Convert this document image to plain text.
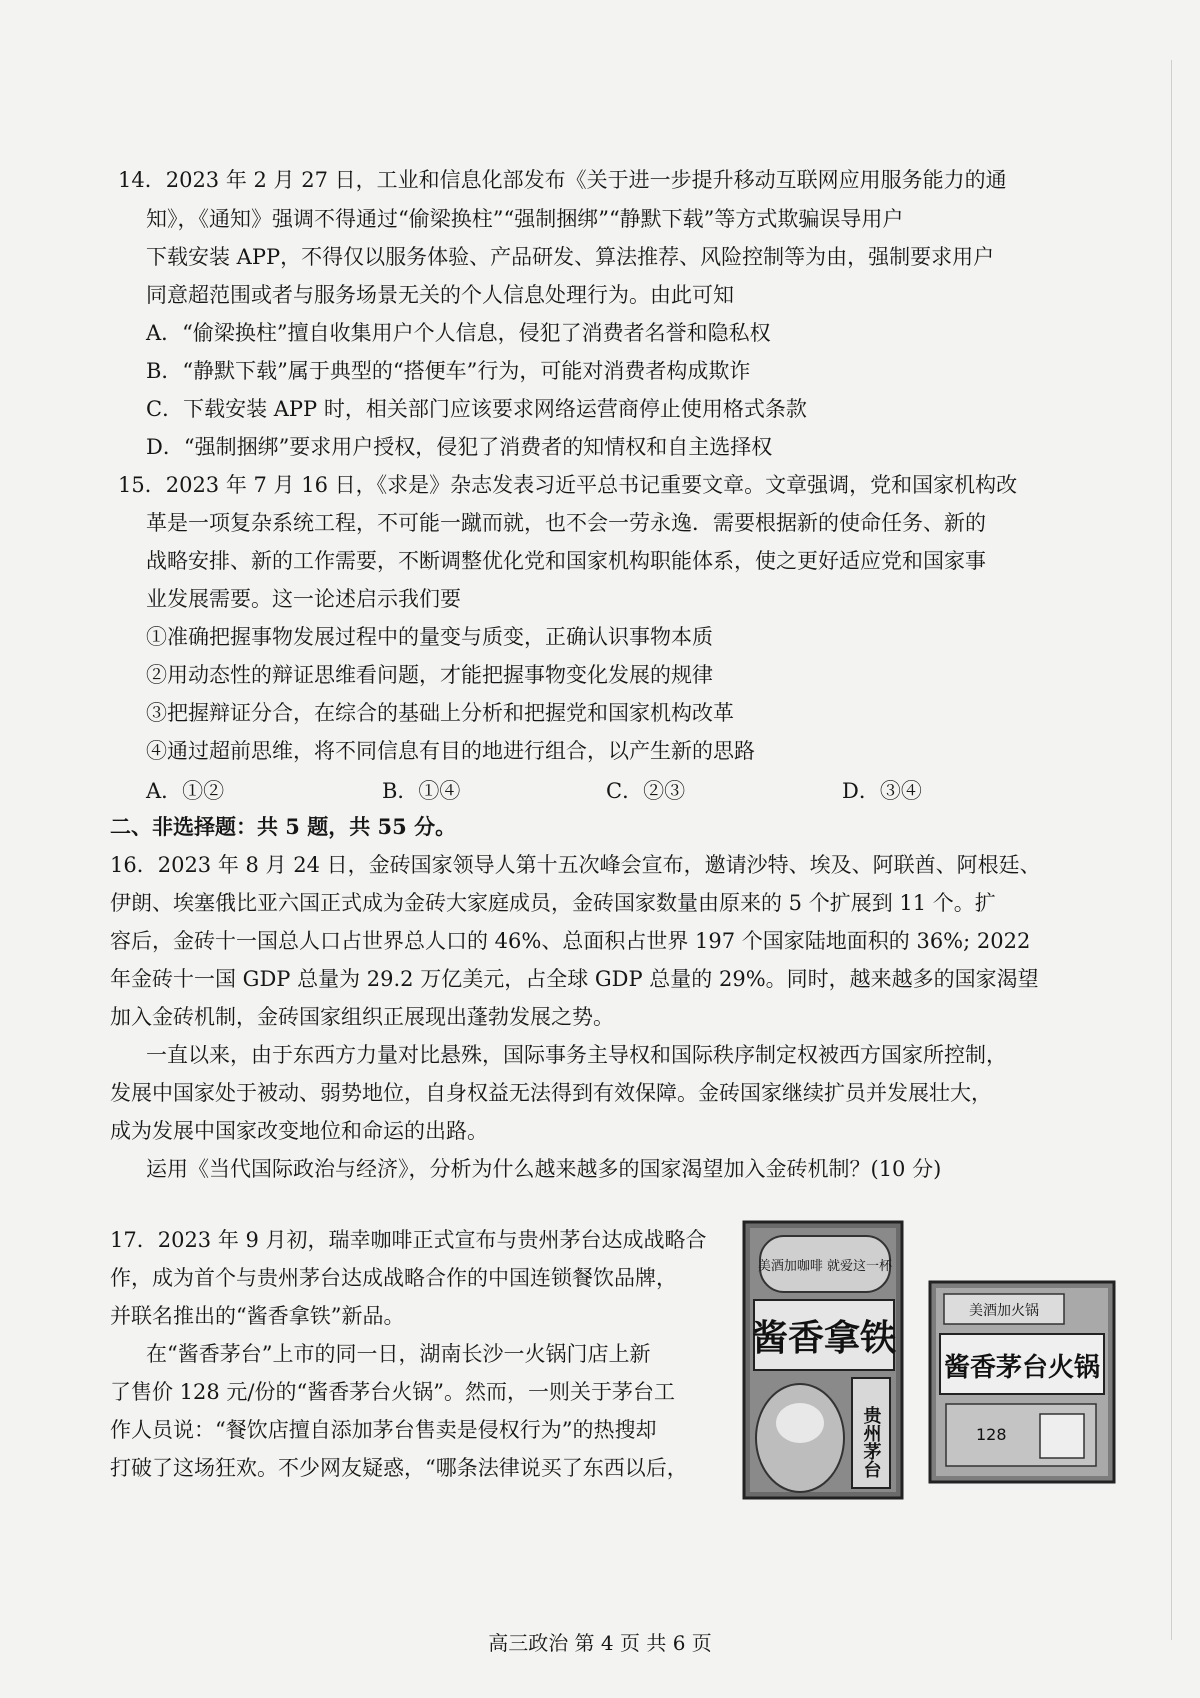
14．2023 年 2 月 27 日，工业和信息化部发布《关于进一步提升移动互联网应用服务能力的通
知》，《通知》强调不得通过“偷梁换柱”“强制捆绑”“静默下载”等方式欺骗误导用户
下载安装 APP，不得仅以服务体验、产品研发、算法推荐、风险控制等为由，强制要求用户
同意超范围或者与服务场景无关的个人信息处理行为。由此可知
A．“偷梁换柱”擅自收集用户个人信息，侵犯了消费者名誉和隐私权
B．“静默下载”属于典型的“搭便车”行为，可能对消费者构成欺诈
C．下载安装 APP 时，相关部门应该要求网络运营商停止使用格式条款
D．“强制捆绑”要求用户授权，侵犯了消费者的知情权和自主选择权
15．2023 年 7 月 16 日，《求是》杂志发表习近平总书记重要文章。文章强调，党和国家机构改
革是一项复杂系统工程，不可能一蹴而就，也不会一劳永逸．需要根据新的使命任务、新的
战略安排、新的工作需要，不断调整优化党和国家机构职能体系，使之更好适应党和国家事
业发展需要。这一论述启示我们要
①准确把握事物发展过程中的量变与质变，正确认识事物本质
②用动态性的辩证思维看问题，才能把握事物变化发展的规律
③把握辩证分合，在综合的基础上分析和把握党和国家机构改革
④通过超前思维，将不同信息有目的地进行组合，以产生新的思路
A．①②	B．①④	C．②③	D．③④
二、非选择题：共 5 题，共 55 分。
16．2023 年 8 月 24 日，金砖国家领导人第十五次峰会宣布，邀请沙特、埃及、阿联酋、阿根廷、
伊朗、埃塞俄比亚六国正式成为金砖大家庭成员，金砖国家数量由原来的 5 个扩展到 11 个。扩
容后，金砖十一国总人口占世界总人口的 46%、总面积占世界 197 个国家陆地面积的 36%; 2022
年金砖十一国 GDP 总量为 29.2 万亿美元，占全球 GDP 总量的 29%。同时，越来越多的国家渴望
加入金砖机制，金砖国家组织正展现出蓬勃发展之势。
一直以来，由于东西方力量对比悬殊，国际事务主导权和国际秩序制定权被西方国家所控制，
发展中国家处于被动、弱势地位，自身权益无法得到有效保障。金砖国家继续扩员并发展壮大，
成为发展中国家改变地位和命运的出路。
运用《当代国际政治与经济》，分析为什么越来越多的国家渴望加入金砖机制？(10 分)
17．2023 年 9 月初，瑞幸咖啡正式宣布与贵州茅台达成战略合
作，成为首个与贵州茅台达成战略合作的中国连锁餐饮品牌，
并联名推出的“酱香拿铁”新品。
在“酱香茅台”上市的同一日，湖南长沙一火锅门店上新
了售价 128 元/份的“酱香茅台火锅”。然而，一则关于茅台工
作人员说：“餐饮店擅自添加茅台售卖是侵权行为”的热搜却
打破了这场狂欢。不少网友疑惑，“哪条法律说买了东西以后，
美酒加咖啡 就爱这一杯
酱香拿铁
贵州茅台
美酒加火锅
酱香茅台火锅
128
高三政治 第 4 页 共 6 页
